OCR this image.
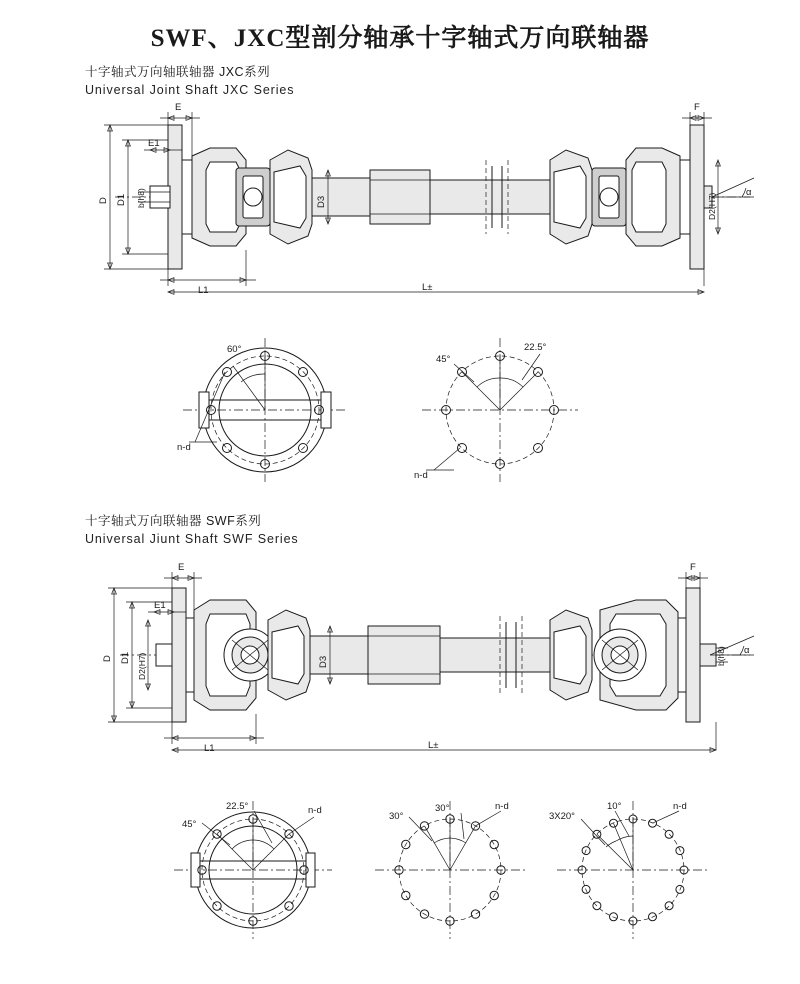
SWF、JXC型剖分轴承十字轴式万向联轴器
十字轴式万向轴联轴器 JXC系列
Universal Joint Shaft JXC Series
E	F
D D1
E1
b(h8)	D3	D2(H7)
α
L1	L±
60°
n-d
22.5°
45°
n-d
十字轴式万向联轴器 SWF系列
Universal Jiunt Shaft SWF Series
E	F
D D1
E1
D2(H7)	D3	b(h8) α
L1	L±
22.5°
45°
n-d
30°
30°	n-d	10°
3X20°
n-d
